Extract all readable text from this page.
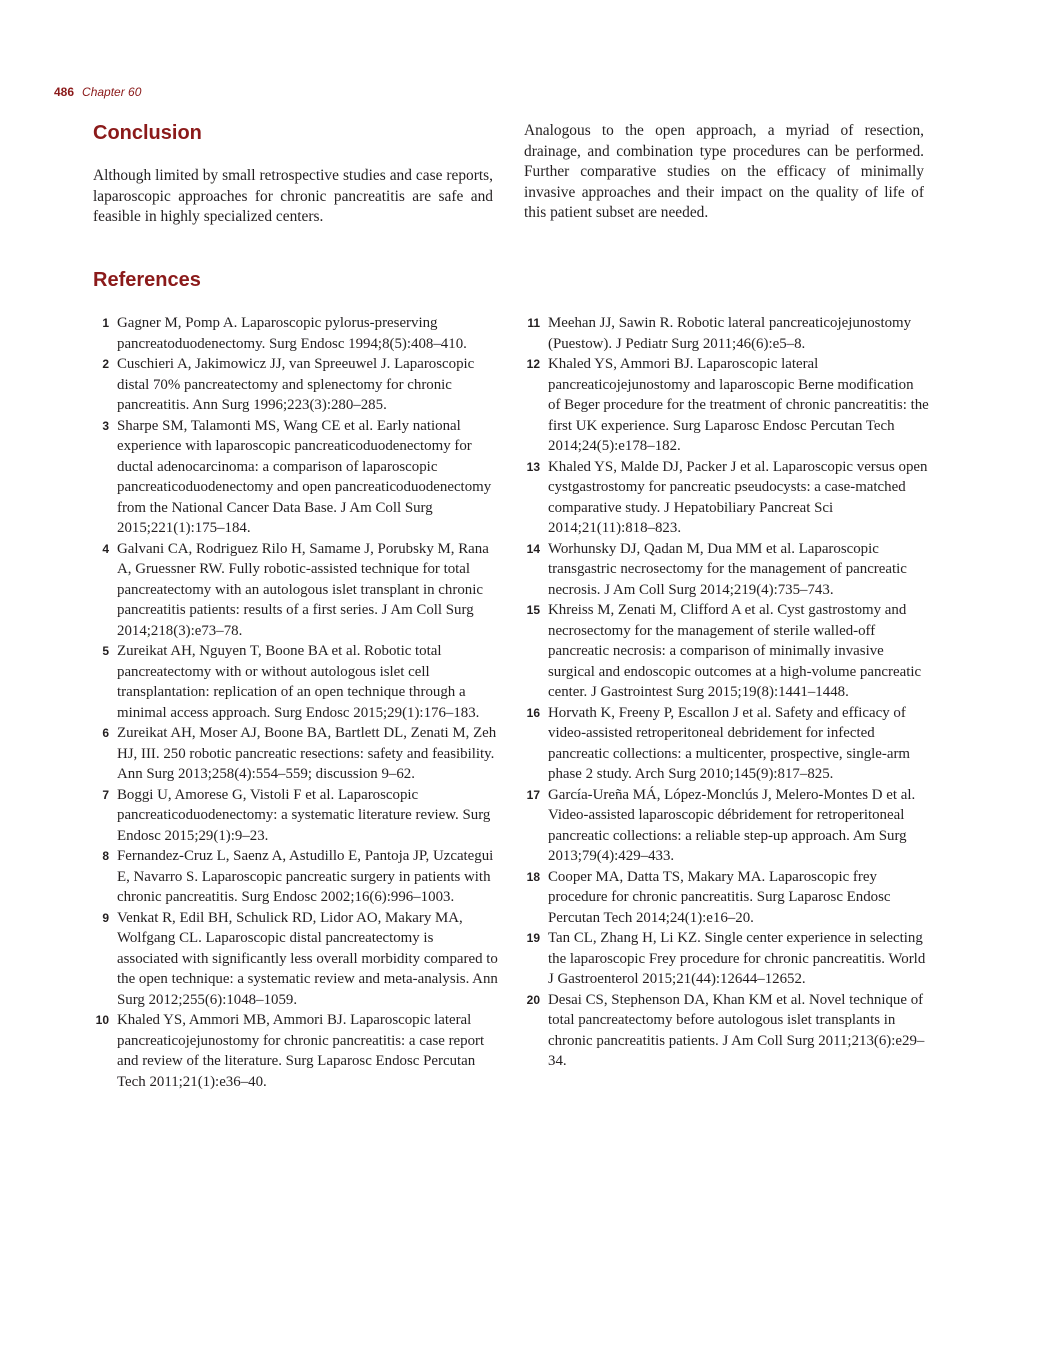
486 Chapter 60
Conclusion

Although limited by small retrospective studies and case reports, laparoscopic approaches for chronic pancreatitis are safe and feasible in highly specialized centers.

Analogous to the open approach, a myriad of resection, drainage, and combination type procedures can be performed. Further comparative studies on the efficacy of minimally invasive approaches and their impact on the quality of life of this patient subset are needed.

References
1 Gagner M, Pomp A. Laparoscopic pylorus-preserving pancreatoduodenectomy. Surg Endosc 1994;8(5):408–410.
2 Cuschieri A, Jakimowicz JJ, van Spreeuwel J. Laparoscopic distal 70% pancreatectomy and splenectomy for chronic pancreatitis. Ann Surg 1996;223(3):280–285.
3 Sharpe SM, Talamonti MS, Wang CE et al. Early national experience with laparoscopic pancreaticoduodenectomy for ductal adenocarcinoma: a comparison of laparoscopic pancreaticoduodenectomy and open pancreaticoduodenectomy from the National Cancer Data Base. J Am Coll Surg 2015;221(1):175–184.
4 Galvani CA, Rodriguez Rilo H, Samame J, Porubsky M, Rana A, Gruessner RW. Fully robotic-assisted technique for total pancreatectomy with an autologous islet transplant in chronic pancreatitis patients: results of a first series. J Am Coll Surg 2014;218(3):e73–78.
5 Zureikat AH, Nguyen T, Boone BA et al. Robotic total pancreatectomy with or without autologous islet cell transplantation: replication of an open technique through a minimal access approach. Surg Endosc 2015;29(1):176–183.
6 Zureikat AH, Moser AJ, Boone BA, Bartlett DL, Zenati M, Zeh HJ, III. 250 robotic pancreatic resections: safety and feasibility. Ann Surg 2013;258(4):554–559; discussion 9–62.
7 Boggi U, Amorese G, Vistoli F et al. Laparoscopic pancreaticoduodenectomy: a systematic literature review. Surg Endosc 2015;29(1):9–23.
8 Fernandez-Cruz L, Saenz A, Astudillo E, Pantoja JP, Uzcategui E, Navarro S. Laparoscopic pancreatic surgery in patients with chronic pancreatitis. Surg Endosc 2002;16(6):996–1003.
9 Venkat R, Edil BH, Schulick RD, Lidor AO, Makary MA, Wolfgang CL. Laparoscopic distal pancreatectomy is associated with significantly less overall morbidity compared to the open technique: a systematic review and meta-analysis. Ann Surg 2012;255(6):1048–1059.
10 Khaled YS, Ammori MB, Ammori BJ. Laparoscopic lateral pancreaticojejunostomy for chronic pancreatitis: a case report and review of the literature. Surg Laparosc Endosc Percutan Tech 2011;21(1):e36–40.
11 Meehan JJ, Sawin R. Robotic lateral pancreaticojejunostomy (Puestow). J Pediatr Surg 2011;46(6):e5–8.
12 Khaled YS, Ammori BJ. Laparoscopic lateral pancreaticojejunostomy and laparoscopic Berne modification of Beger procedure for the treatment of chronic pancreatitis: the first UK experience. Surg Laparosc Endosc Percutan Tech 2014;24(5):e178–182.
13 Khaled YS, Malde DJ, Packer J et al. Laparoscopic versus open cystgastrostomy for pancreatic pseudocysts: a case-matched comparative study. J Hepatobiliary Pancreat Sci 2014;21(11):818–823.
14 Worhunsky DJ, Qadan M, Dua MM et al. Laparoscopic transgastric necrosectomy for the management of pancreatic necrosis. J Am Coll Surg 2014;219(4):735–743.
15 Khreiss M, Zenati M, Clifford A et al. Cyst gastrostomy and necrosectomy for the management of sterile walled-off pancreatic necrosis: a comparison of minimally invasive surgical and endoscopic outcomes at a high-volume pancreatic center. J Gastrointest Surg 2015;19(8):1441–1448.
16 Horvath K, Freeny P, Escallon J et al. Safety and efficacy of video-assisted retroperitoneal debridement for infected pancreatic collections: a multicenter, prospective, single-arm phase 2 study. Arch Surg 2010;145(9):817–825.
17 García-Ureña MÁ, López-Monclús J, Melero-Montes D et al. Video-assisted laparoscopic débridement for retroperitoneal pancreatic collections: a reliable step-up approach. Am Surg 2013;79(4):429–433.
18 Cooper MA, Datta TS, Makary MA. Laparoscopic frey procedure for chronic pancreatitis. Surg Laparosc Endosc Percutan Tech 2014;24(1):e16–20.
19 Tan CL, Zhang H, Li KZ. Single center experience in selecting the laparoscopic Frey procedure for chronic pancreatitis. World J Gastroenterol 2015;21(44):12644–12652.
20 Desai CS, Stephenson DA, Khan KM et al. Novel technique of total pancreatectomy before autologous islet transplants in chronic pancreatitis patients. J Am Coll Surg 2011;213(6):e29–34.
